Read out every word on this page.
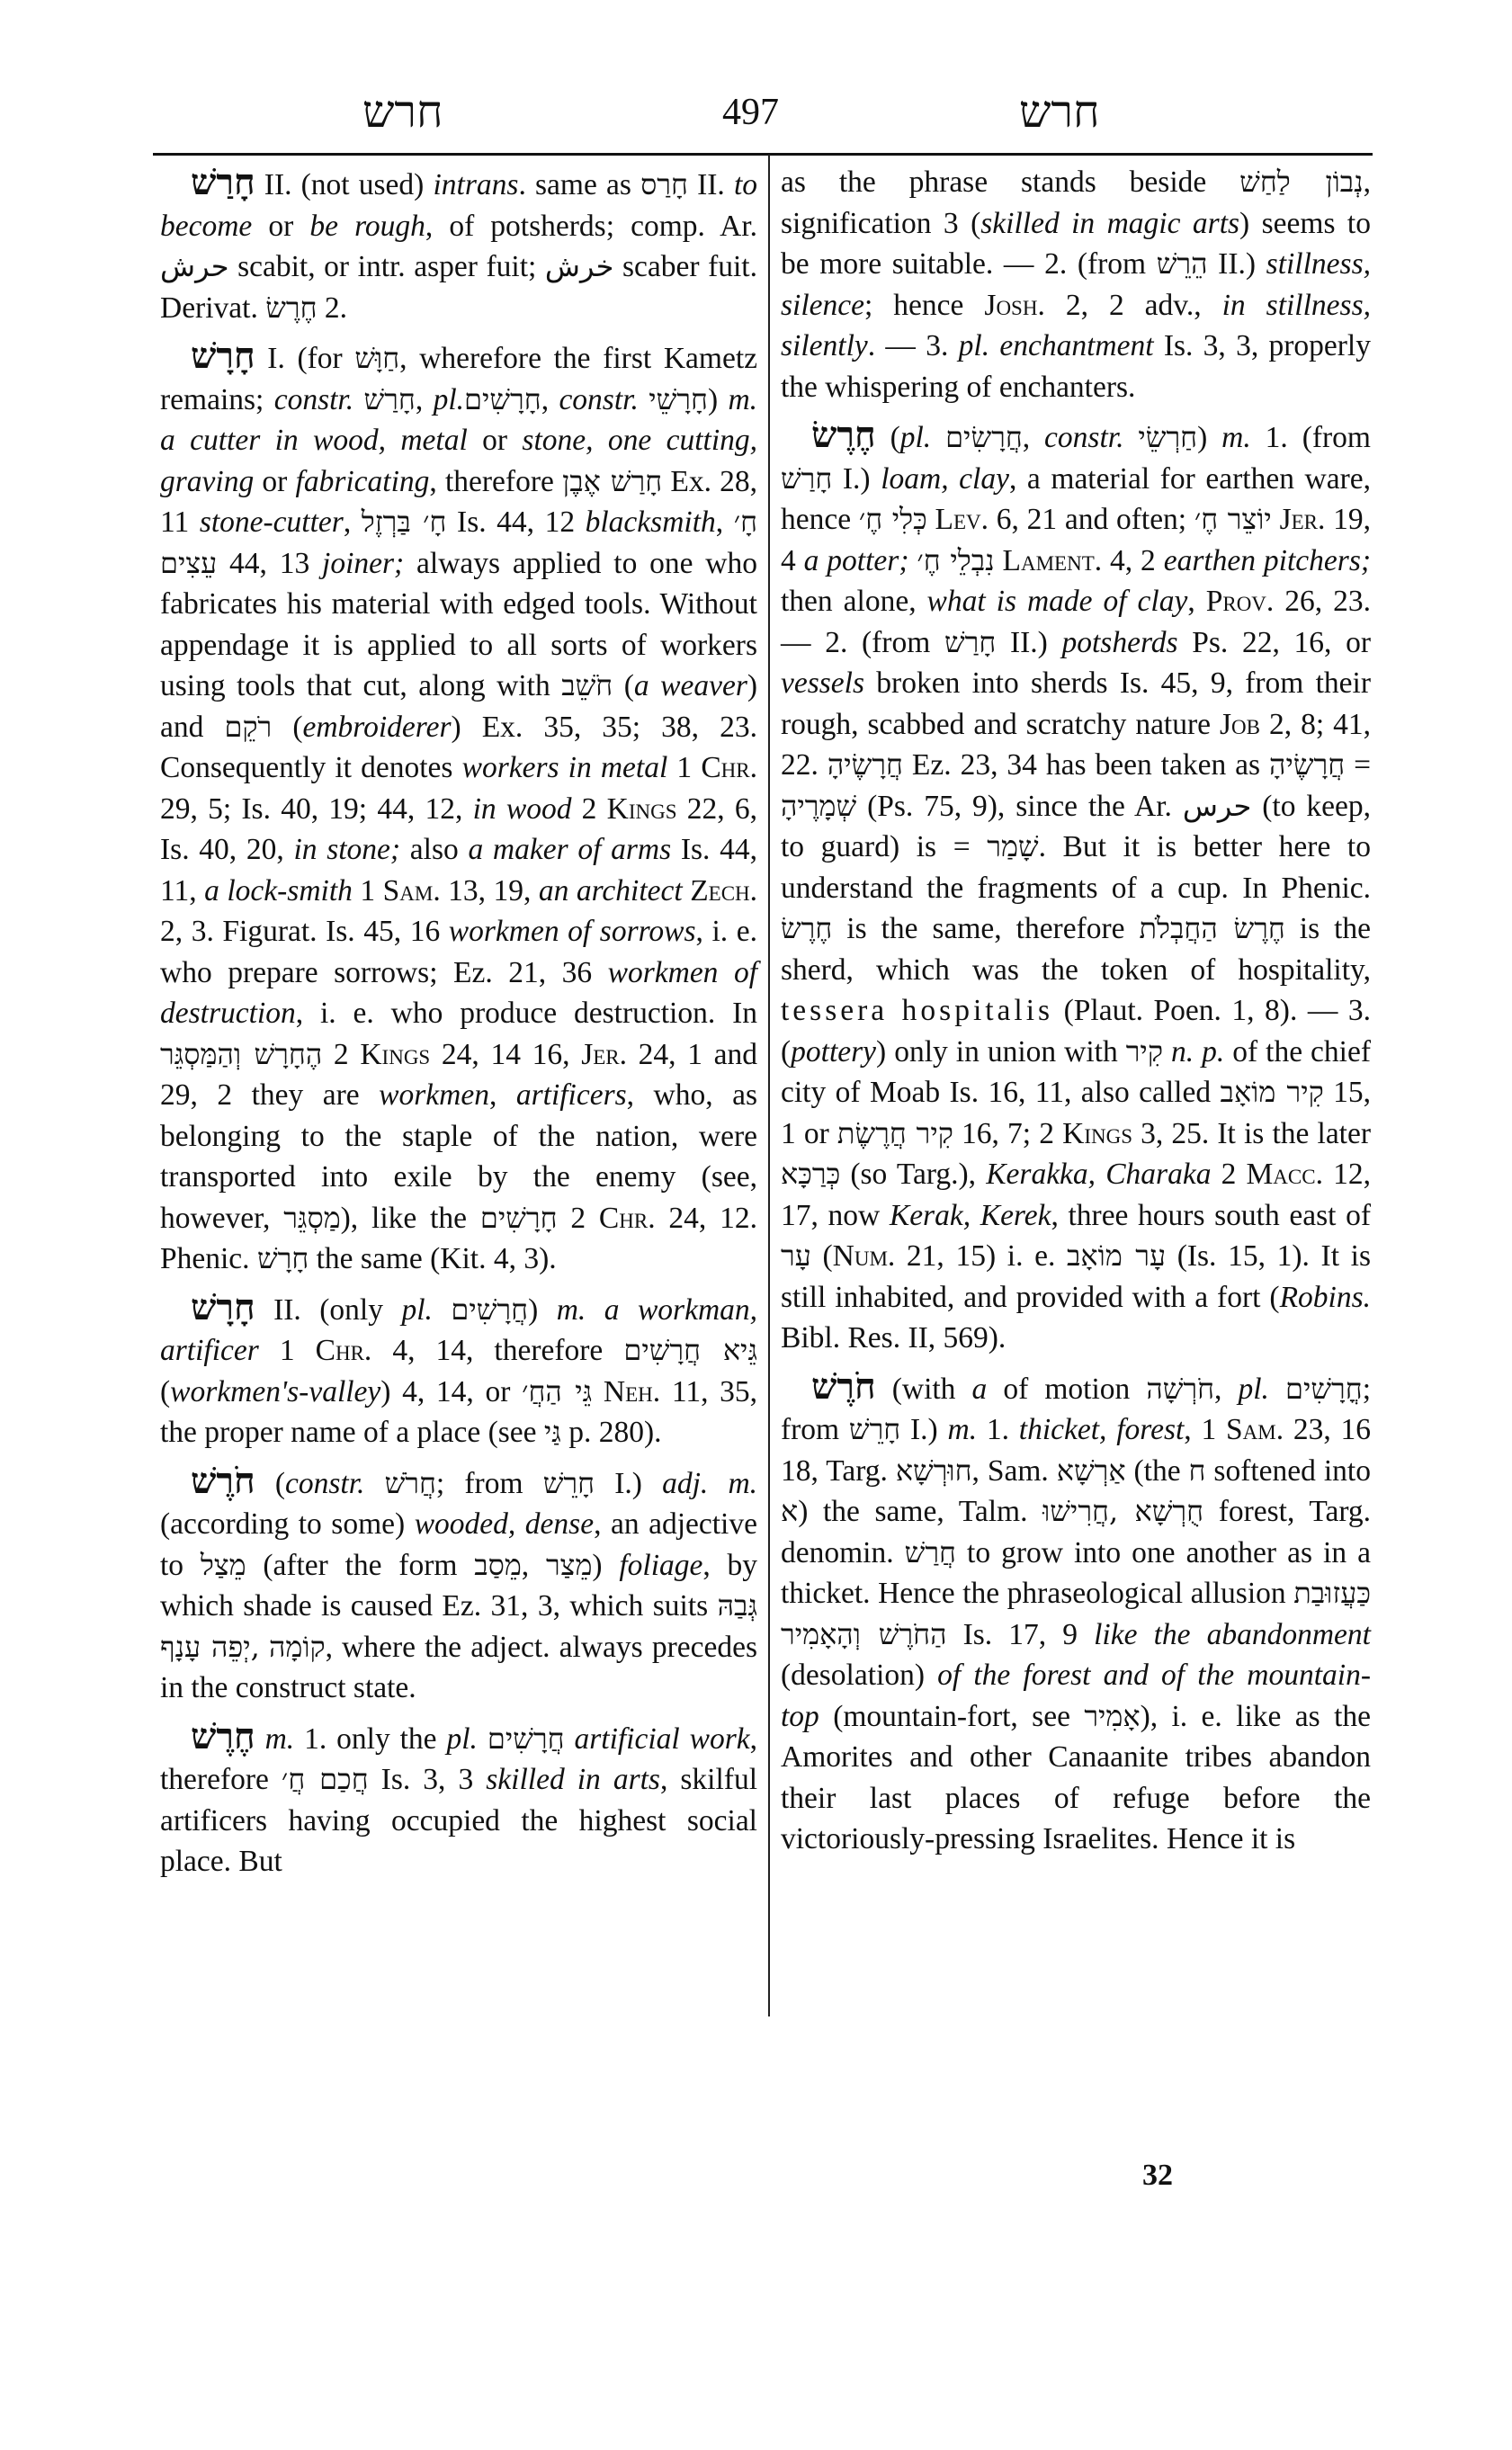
חרש	497	חרש

חָרַשׁ II. (not used) intrans. same as חָרַס II. to become or be rough, of potsherds; comp. Ar. حرش scabit, or intr. asper fuit; خرش scaber fuit. Derivat. חֶרֶשׂ 2.

חָרָשׁ I. (for חַוָּשׁ, wherefore the first Kametz remains; constr. חָרַשׁ, pl.חָרָשִׁים, constr. חָרָשֵׁי) m. a cutter in wood, metal or stone, one cutting, graving or fabricating, therefore חָרַשׁ אֶבֶן Ex. 28, 11 stone-cutter, חָ׳ בַּרְזֶל Is. 44, 12 blacksmith, חָ׳ עֵצִים 44, 13 joiner; always applied to one who fabricates his material with edged tools. Without appendage it is applied to all sorts of workers using tools that cut, along with חֹשֵׁב (a weaver) and רֹקֵם (embroiderer) Ex. 35, 35; 38, 23. Consequently it denotes workers in metal 1 Chr. 29, 5; Is. 40, 19; 44, 12, in wood 2 Kings 22, 6, Is. 40, 20, in stone; also a maker of arms Is. 44, 11, a lock-smith 1 Sam. 13, 19, an architect Zech. 2, 3. Figurat. Is. 45, 16 workmen of sorrows, i. e. who prepare sorrows; Ez. 21, 36 workmen of destruction, i. e. who produce destruction. In הֶחָרָשׁ וְהַמַּסְגֵּר 2 Kings 24, 14 16, Jer. 24, 1 and 29, 2 they are workmen, artificers, who, as belonging to the staple of the nation, were transported into exile by the enemy (see, however, מַסְגֵּר), like the חָרָשִׁים 2 Chr. 24, 12. Phenic. חָרָשׁ the same (Kit. 4, 3).

חָרָשׁ II. (only pl. חֲרָשִׁים) m. a workman, artificer 1 Chr. 4, 14, therefore גֵּיא חֲרָשִׁים (workmen's-valley) 4, 14, or גֵּי הַחֲ׳ Neh. 11, 35, the proper name of a place (see גַּי p. 280).

חֹרֶשׁ (constr. חֲרֹשׁ; from חָרֵשׁ I.) adj. m. (according to some) wooded, dense, an adjective to מֵצַל (after the form מֵסַב, מֵצַר) foliage, by which shade is caused Ez. 31, 3, which suits גְּבַהּ ,יְפֵה עָנָף קוֹמָה, where the adject. always precedes in the construct state.

חֶרֶשׁ m. 1. only the pl. חֲרָשִׁים artificial work, therefore חֲכַם חֲ׳ Is. 3, 3 skilled in arts, skilful artificers having occupied the highest social place. But

as the phrase stands beside נְבוֹן לַחַשׁ, signification 3 (skilled in magic arts) seems to be more suitable. — 2. (from הֵרֵשׁ II.) stillness, silence; hence Josh. 2, 2 adv., in stillness, silently. — 3. pl. enchantment Is. 3, 3, properly the whispering of enchanters.

חֶרֶשׂ (pl. חֲרָשִׂים, constr. חַרְשֵׂי) m. 1. (from חָרַשׁ I.) loam, clay, a material for earthen ware, hence כְּלִי חֶ׳ Lev. 6, 21 and often; יוֹצֵר חֶ׳ Jer. 19, 4 a potter; נִבְלֵי חֶ׳ Lament. 4, 2 earthen pitchers; then alone, what is made of clay, Prov. 26, 23. — 2. (from חָרַשׁ II.) potsherds Ps. 22, 16, or vessels broken into sherds Is. 45, 9, from their rough, scabbed and scratchy nature Job 2, 8; 41, 22. חֲרָשֶׂיהָ Ez. 23, 34 has been taken as חֲרָשֶׂיהָ = שְׁמָרֶיהָ (Ps. 75, 9), since the Ar. حرس (to keep, to guard) is = שָׁמַר. But it is better here to understand the fragments of a cup. In Phenic. חֶרֶשׂ is the same, therefore חֶרֶשׂ הַחֲבְלֹת is the sherd, which was the token of hospitality, tessera hospitalis (Plaut. Poen. 1, 8). — 3. (pottery) only in union with קִיר n. p. of the chief city of Moab Is. 16, 11, also called קִיר מוֹאָב 15, 1 or קִיר חֲרֶשֶׂת 16, 7; 2 Kings 3, 25. It is the later כְּרַכָּא (so Targ.), Kerakka, Charaka 2 Macc. 12, 17, now Kerak, Kerek, three hours south east of עָר (Num. 21, 15) i. e. עָר מוֹאָב (Is. 15, 1). It is still inhabited, and provided with a fort (Robins. Bibl. Res. II, 569).

חֹרֶשׁ (with a of motion חֹרְשָׁה, pl. חֳרָשִׁים; from חָרֵשׁ I.) m. 1. thicket, forest, 1 Sam. 23, 16 18, Targ. חוּרְשָׁא, Sam. אַרְשָׁא (the ח softened into א) the same, Talm. חֻרְשָׁא ,חֲרִישׁוּ forest, Targ. denomin. חֲרַשׁ to grow into one another as in a thicket. Hence the phraseological allusion כַּעֲזוּבַת הַחֹרֶשׁ וְהָאָמִיר Is. 17, 9 like the abandonment (desolation) of the forest and of the mountain-top (mountain-fort, see אָמִיר), i. e. like as the Amorites and other Canaanite tribes abandon their last places of refuge before the victoriously-pressing Israelites. Hence it is

32
